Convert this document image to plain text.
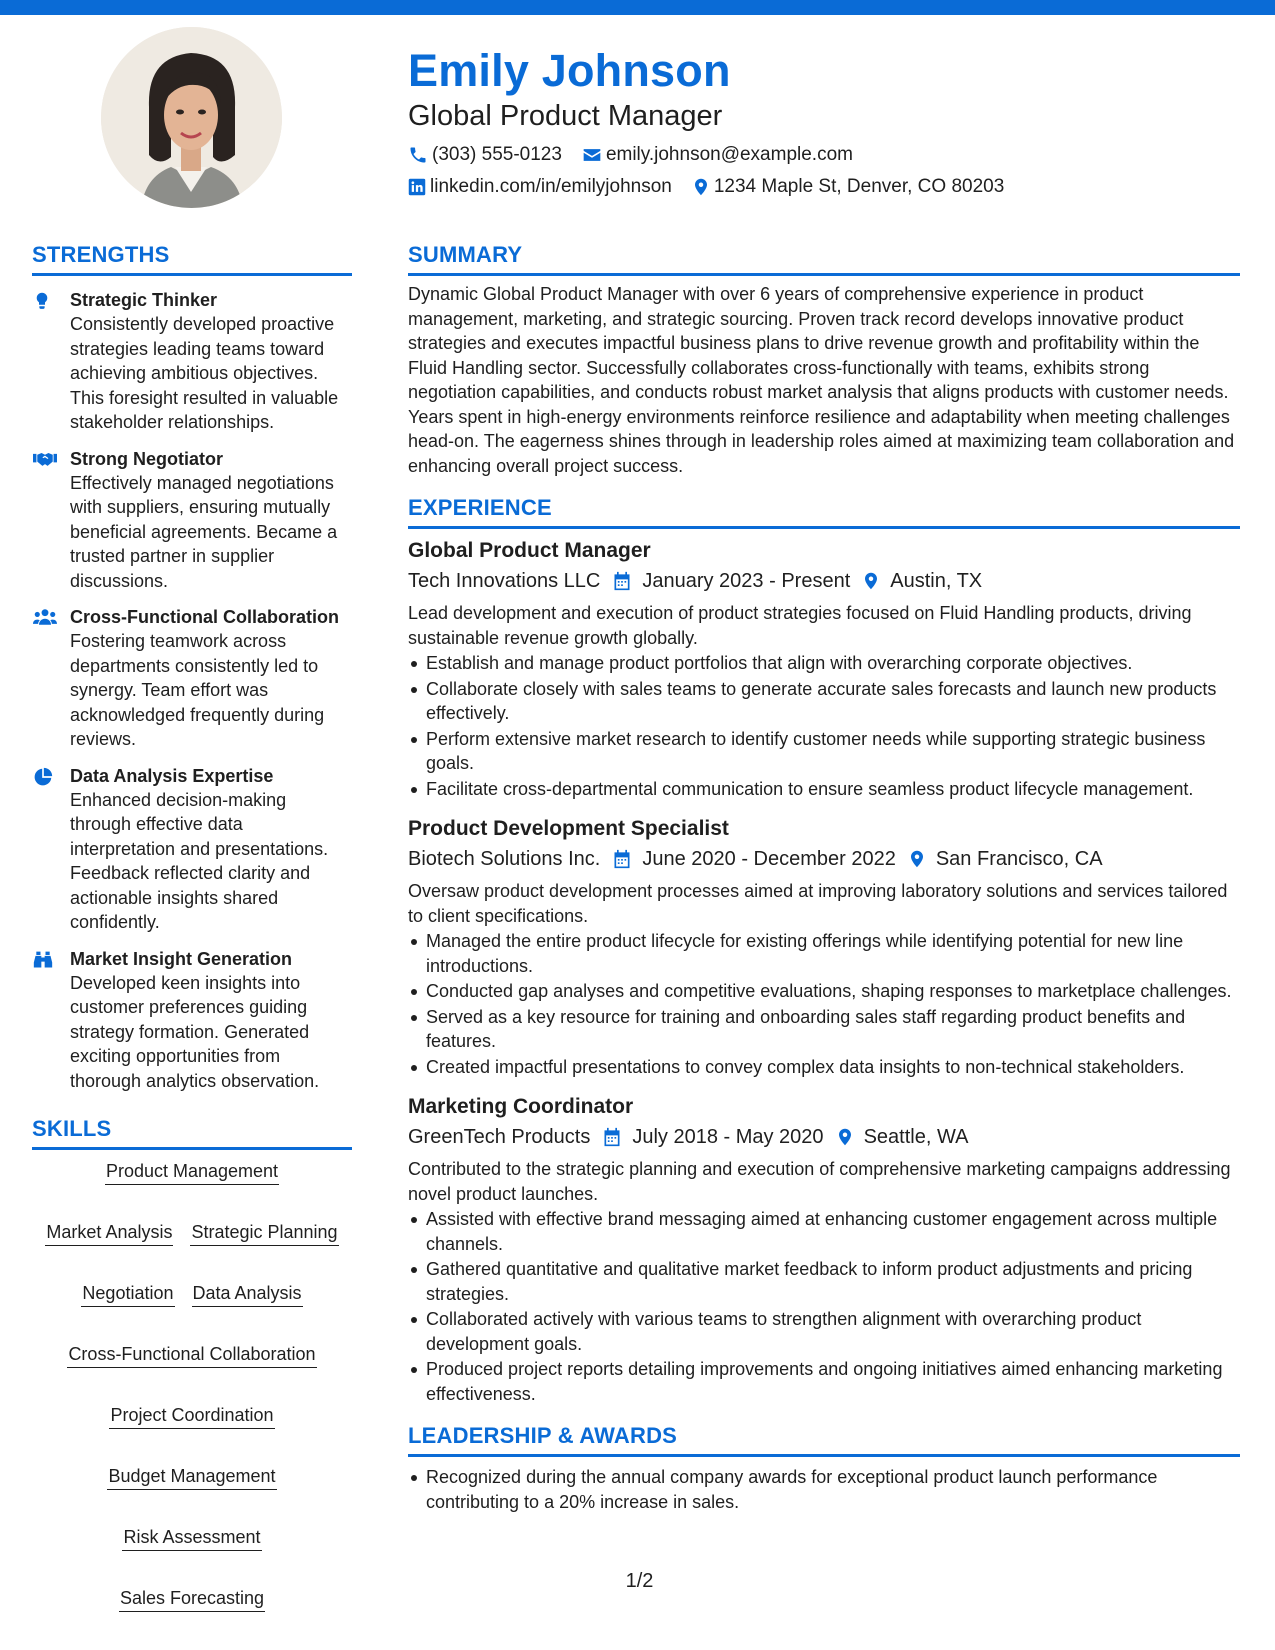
Emily Johnson
Global Product Manager
(303) 555-0123 emily.johnson@example.com
linkedin.com/in/emilyjohnson 1234 Maple St, Denver, CO 80203
STRENGTHS
Strategic Thinker
Consistently developed proactive strategies leading teams toward achieving ambitious objectives. This foresight resulted in valuable stakeholder relationships.
Strong Negotiator
Effectively managed negotiations with suppliers, ensuring mutually beneficial agreements. Became a trusted partner in supplier discussions.
Cross-Functional Collaboration
Fostering teamwork across departments consistently led to synergy. Team effort was acknowledged frequently during reviews.
Data Analysis Expertise
Enhanced decision-making through effective data interpretation and presentations. Feedback reflected clarity and actionable insights shared confidently.
Market Insight Generation
Developed keen insights into customer preferences guiding strategy formation. Generated exciting opportunities from thorough analytics observation.
SKILLS
Product Management
Market Analysis Strategic Planning
Negotiation Data Analysis
Cross-Functional Collaboration
Project Coordination
Budget Management
Risk Assessment
Sales Forecasting
SUMMARY
Dynamic Global Product Manager with over 6 years of comprehensive experience in product management, marketing, and strategic sourcing. Proven track record develops innovative product strategies and executes impactful business plans to drive revenue growth and profitability within the Fluid Handling sector. Successfully collaborates cross-functionally with teams, exhibits strong negotiation capabilities, and conducts robust market analysis that aligns products with customer needs. Years spent in high-energy environments reinforce resilience and adaptability when meeting challenges head-on. The eagerness shines through in leadership roles aimed at maximizing team collaboration and enhancing overall project success.
EXPERIENCE
Global Product Manager
Tech Innovations LLC January 2023 - Present Austin, TX
Lead development and execution of product strategies focused on Fluid Handling products, driving sustainable revenue growth globally.
Establish and manage product portfolios that align with overarching corporate objectives.
Collaborate closely with sales teams to generate accurate sales forecasts and launch new products effectively.
Perform extensive market research to identify customer needs while supporting strategic business goals.
Facilitate cross-departmental communication to ensure seamless product lifecycle management.
Product Development Specialist
Biotech Solutions Inc. June 2020 - December 2022 San Francisco, CA
Oversaw product development processes aimed at improving laboratory solutions and services tailored to client specifications.
Managed the entire product lifecycle for existing offerings while identifying potential for new line introductions.
Conducted gap analyses and competitive evaluations, shaping responses to marketplace challenges.
Served as a key resource for training and onboarding sales staff regarding product benefits and features.
Created impactful presentations to convey complex data insights to non-technical stakeholders.
Marketing Coordinator
GreenTech Products July 2018 - May 2020 Seattle, WA
Contributed to the strategic planning and execution of comprehensive marketing campaigns addressing novel product launches.
Assisted with effective brand messaging aimed at enhancing customer engagement across multiple channels.
Gathered quantitative and qualitative market feedback to inform product adjustments and pricing strategies.
Collaborated actively with various teams to strengthen alignment with overarching product development goals.
Produced project reports detailing improvements and ongoing initiatives aimed enhancing marketing effectiveness.
LEADERSHIP & AWARDS
Recognized during the annual company awards for exceptional product launch performance contributing to a 20% increase in sales.
1/2
